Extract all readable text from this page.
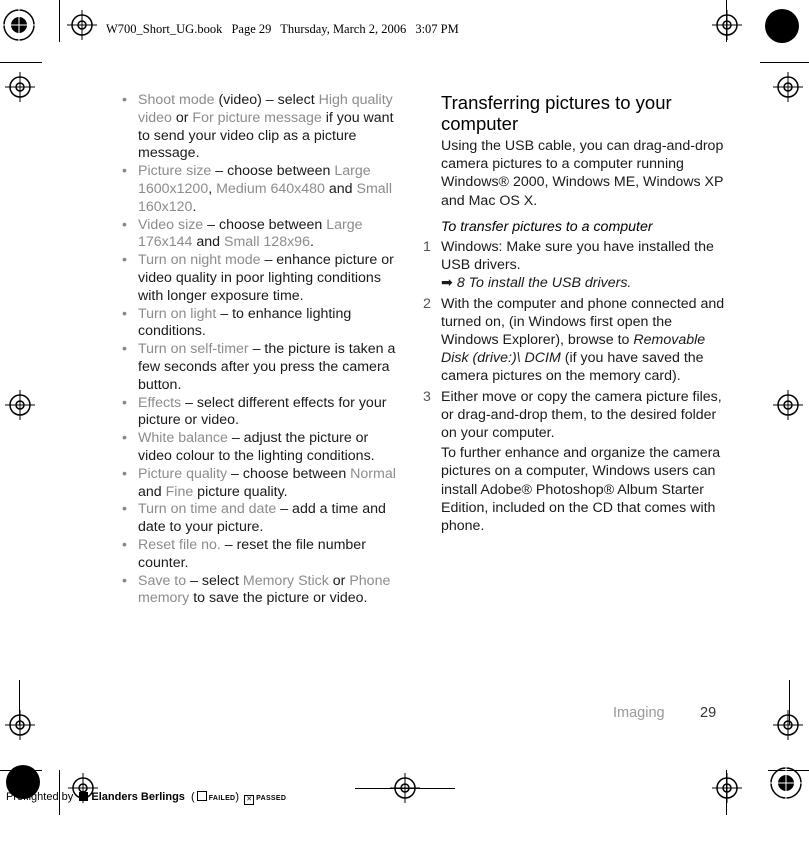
W700_Short_UG.book Page 29 Thursday, March 2, 2006 3:07 PM
• Shoot mode (video) – select High quality video or For picture message if you want to send your video clip as a picture message.
• Picture size – choose between Large 1600x1200, Medium 640x480 and Small 160x120.
• Video size – choose between Large 176x144 and Small 128x96.
• Turn on night mode – enhance picture or video quality in poor lighting conditions with longer exposure time.
• Turn on light – to enhance lighting conditions.
• Turn on self-timer – the picture is taken a few seconds after you press the camera button.
• Effects – select different effects for your picture or video.
• White balance – adjust the picture or video colour to the lighting conditions.
• Picture quality – choose between Normal and Fine picture quality.
• Turn on time and date – add a time and date to your picture.
• Reset file no. – reset the file number counter.
• Save to – select Memory Stick or Phone memory to save the picture or video.
Transferring pictures to your computer
Using the USB cable, you can drag-and-drop camera pictures to a computer running Windows® 2000, Windows ME, Windows XP and Mac OS X.
To transfer pictures to a computer
1 Windows: Make sure you have installed the USB drivers.
➡ 8 To install the USB drivers.
2 With the computer and phone connected and turned on, (in Windows first open the Windows Explorer), browse to Removable Disk (drive:)\ DCIM (if you have saved the camera pictures on the memory card).
3 Either move or copy the camera picture files, or drag-and-drop them, to the desired folder on your computer.
To further enhance and organize the camera pictures on a computer, Windows users can install Adobe® Photoshop® Album Starter Edition, included on the CD that comes with phone.
Imaging 29
Preflighted by Elanders Berlings  ( FAILED) ✕ PASSED
